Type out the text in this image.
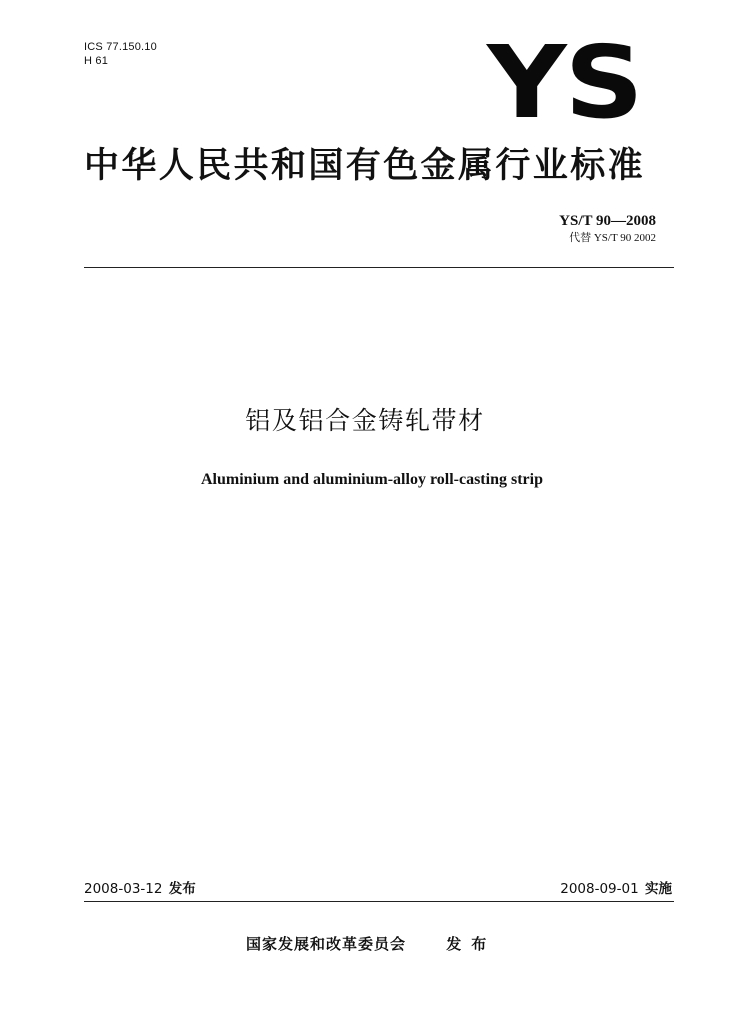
ICS 77.150.10
H 61	YS
中华人民共和国有色金属行业标准
YS/T 90—2008
代替 YS/T 90 2002
铝及铝合金铸轧带材
Aluminium and aluminium-alloy roll-casting strip
2008-03-12 发布	2008-09-01 实施
国家发展和改革委员会	发布
